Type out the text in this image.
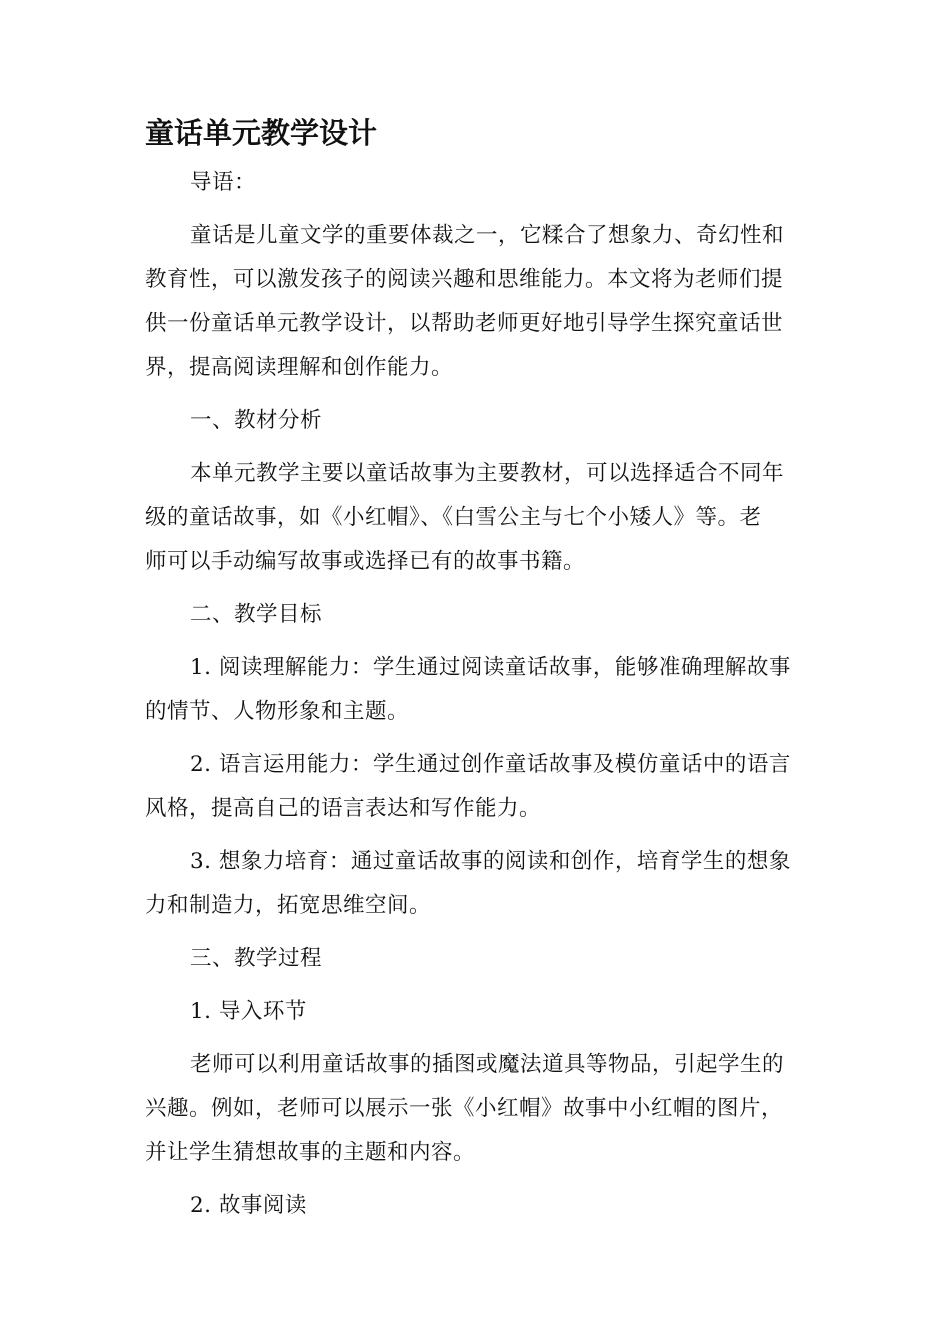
童话单元教学设计
导语：
童话是儿童文学的重要体裁之一，它糅合了想象力、奇幻性和
教育性，可以激发孩子的阅读兴趣和思维能力。本文将为老师们提
供一份童话单元教学设计，以帮助老师更好地引导学生探究童话世
界，提高阅读理解和创作能力。
一、教材分析
本单元教学主要以童话故事为主要教材，可以选择适合不同年
级的童话故事，如《小红帽》、《白雪公主与七个小矮人》等。老
师可以手动编写故事或选择已有的故事书籍。
二、教学目标
1. 阅读理解能力：学生通过阅读童话故事，能够准确理解故事
的情节、人物形象和主题。
2. 语言运用能力：学生通过创作童话故事及模仿童话中的语言
风格，提高自己的语言表达和写作能力。
3. 想象力培育：通过童话故事的阅读和创作，培育学生的想象
力和制造力，拓宽思维空间。
三、教学过程
1. 导入环节
老师可以利用童话故事的插图或魔法道具等物品，引起学生的
兴趣。例如，老师可以展示一张《小红帽》故事中小红帽的图片，
并让学生猜想故事的主题和内容。
2. 故事阅读
